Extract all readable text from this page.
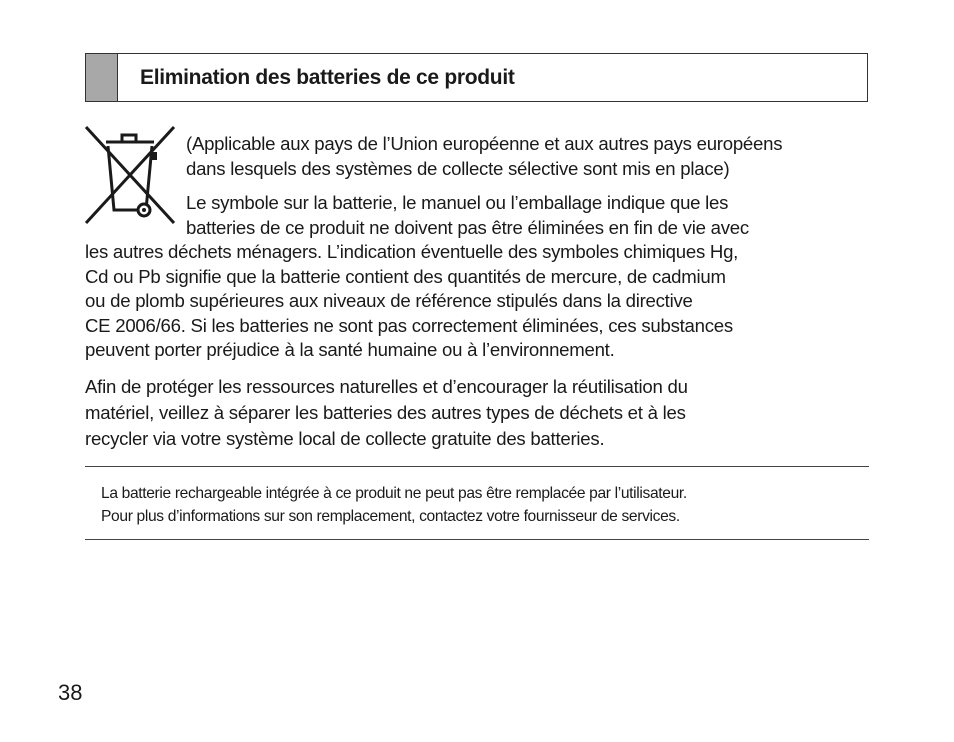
Elimination des batteries de ce produit

(Applicable aux pays de l’Union européenne et aux autres pays européens
dans lesquels des systèmes de collecte sélective sont mis en place)

Le symbole sur la batterie, le manuel ou l’emballage indique que les
batteries de ce produit ne doivent pas être éliminées en fin de vie avec

les autres déchets ménagers. L’indication éventuelle des symboles chimiques Hg,
Cd ou Pb signifie que la batterie contient des quantités de mercure, de cadmium
ou de plomb supérieures aux niveaux de référence stipulés dans la directive
CE 2006/66. Si les batteries ne sont pas correctement éliminées, ces substances
peuvent porter préjudice à la santé humaine ou à l’environnement.

Afin de protéger les ressources naturelles et d’encourager la réutilisation du
matériel, veillez à séparer les batteries des autres types de déchets et à les
recycler via votre système local de collecte gratuite des batteries.

La batterie rechargeable intégrée à ce produit ne peut pas être remplacée par l’utilisateur.
Pour plus d’informations sur son remplacement, contactez votre fournisseur de services.

38
